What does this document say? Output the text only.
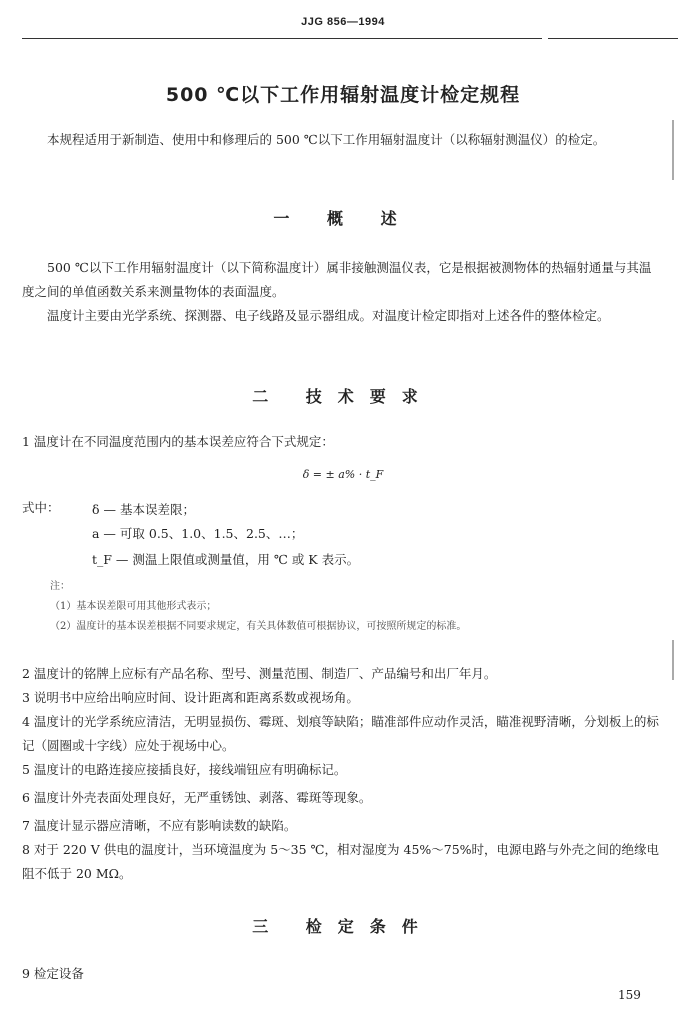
JJG 856—1994
500 ℃以下工作用辐射温度计检定规程

本规程适用于新制造、使用中和修理后的 500 ℃以下工作用辐射温度计（以称辐射测温仪）的检定。

一 概 述

500 ℃以下工作用辐射温度计（以下简称温度计）属非接触测温仪表，它是根据被测物体的热辐射通量与其温度之间的单值函数关系来测量物体的表面温度。

温度计主要由光学系统、探测器、电子线路及显示器组成。对温度计检定即指对上述各件的整体检定。

二 技术要求
1 温度计在不同温度范围内的基本误差应符合下式规定：
δ = ± a% · t_F
式中：	δ — 基本误差限；
a — 可取 0.5、1.0、1.5、2.5、…；
t_F — 测温上限值或测量值，用 ℃ 或 K 表示。
注：
（1）基本误差限可用其他形式表示；
（2）温度计的基本误差根据不同要求规定，有关具体数值可根据协议，可按照所规定的标准。
2 温度计的铭牌上应标有产品名称、型号、测量范围、制造厂、产品编号和出厂年月。
3 说明书中应给出响应时间、设计距离和距离系数或视场角。
4 温度计的光学系统应清洁，无明显损伤、霉斑、划痕等缺陷；瞄准部件应动作灵活，瞄准视野清晰，分划板上的标记（圆圈或十字线）应处于视场中心。
5 温度计的电路连接应接插良好，接线端钮应有明确标记。
6 温度计外壳表面处理良好，无严重锈蚀、剥落、霉斑等现象。
7 温度计显示器应清晰，不应有影响读数的缺陷。
8 对于 220 V 供电的温度计，当环境温度为 5～35 ℃，相对湿度为 45%～75%时，电源电路与外壳之间的绝缘电阻不低于 20 MΩ。
三 检定条件
9 检定设备
159
